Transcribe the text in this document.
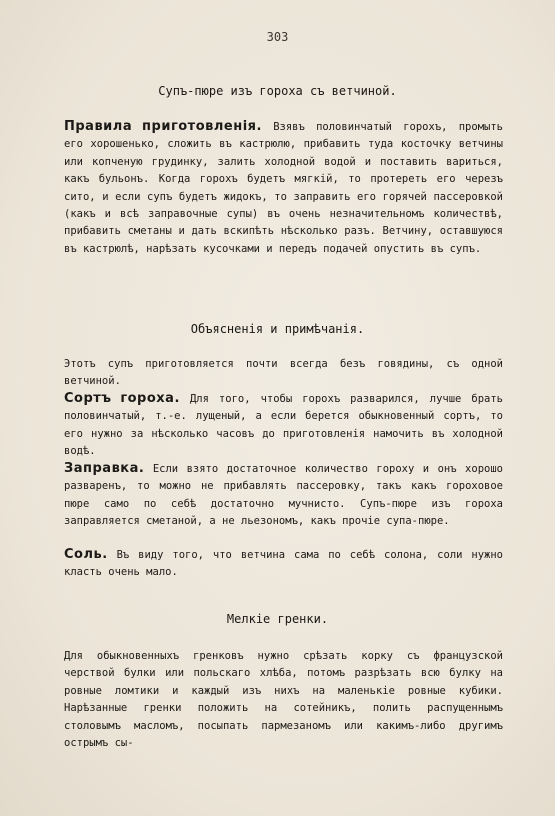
303
Супъ-пюре изъ гороха съ ветчиной.
Правила приготовленія. Взявъ половинчатый горохъ, промыть его хорошенько, сложить въ кастрюлю, прибавить туда косточку ветчины или копченую грудинку, залить холодной водой и поставить вариться, какъ бульонъ. Когда горохъ будетъ мягкій, то протереть его черезъ сито, и если супъ будетъ жидокъ, то заправить его горячей пассеровкой (какъ и всѣ заправочные супы) въ очень незначительномъ количествѣ, прибавить сметаны и дать вскипѣть нѣсколько разъ. Ветчину, оставшуюся въ кастрюлѣ, нарѣзать кусочками и передъ подачей опустить въ супъ.
Объясненія и примѣчанія.
Этотъ супъ приготовляется почти всегда безъ говядины, съ одной ветчиной.
Сортъ гороха. Для того, чтобы горохъ разварился, лучше брать половинчатый, т.-е. лущеный, а если берется обыкновенный сортъ, то его нужно за нѣсколько часовъ до приготовленія намочить въ холодной водѣ.
Заправка. Если взято достаточное количество гороху и онъ хорошо разваренъ, то можно не прибавлять пассеровку, такъ какъ гороховое пюре само по себѣ достаточно мучнисто. Супъ-пюре изъ гороха заправляется сметаной, а не льезономъ, какъ прочіе супа-пюре.
Соль. Въ виду того, что ветчина сама по себѣ солона, соли нужно класть очень мало.
Мелкіе гренки.
Для обыкновенныхъ гренковъ нужно срѣзать корку съ французской черствой булки или польскаго хлѣба, потомъ разрѣзать всю булку на ровные ломтики и каждый изъ нихъ на маленькіе ровные кубики. Нарѣзанные гренки положить на сотейникъ, полить распущеннымъ столовымъ масломъ, посыпать пармезаномъ или какимъ-либо другимъ острымъ сы-
